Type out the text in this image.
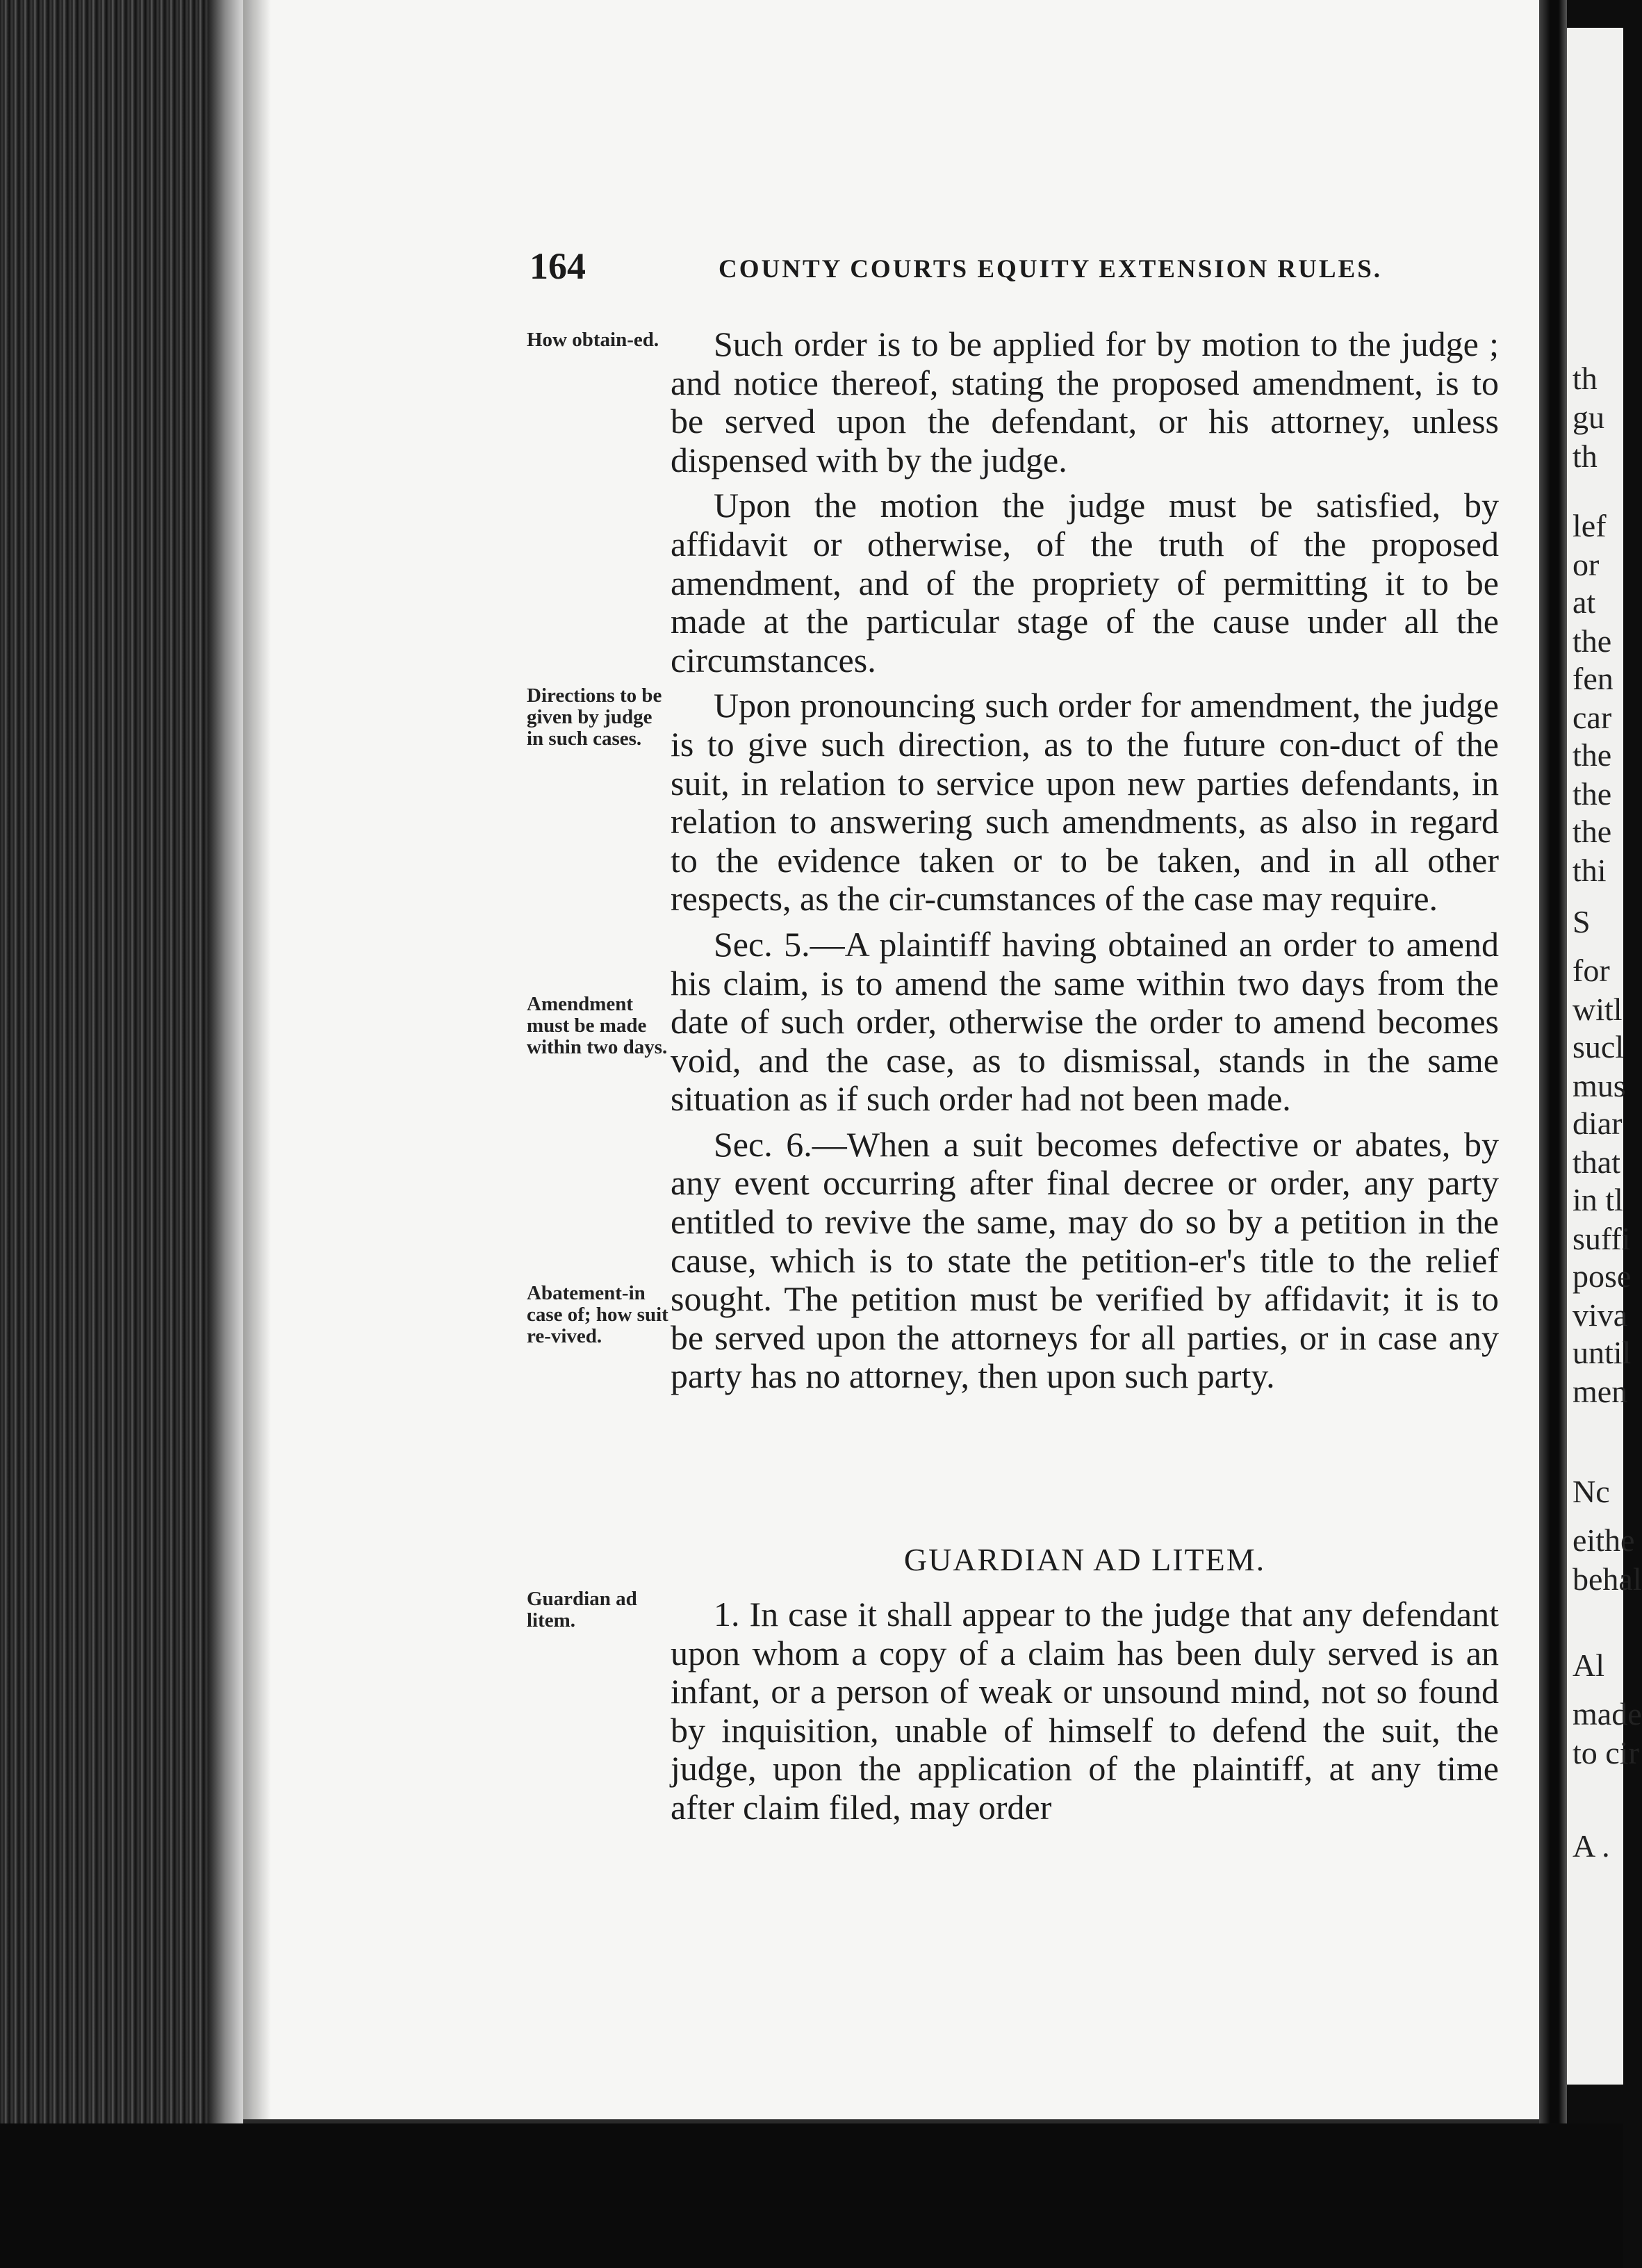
th
gu
th
lef
or
at
the
fen
car
the
the
the
thi
S
for
witl
sucl
mus
diar
that
in tl
suffi
pose
viva
until
men
Nc
eithe
behal
Al
made
to cir
A .
164	COUNTY COURTS EQUITY EXTENSION RULES.
How obtain-ed.
Directions to be given by judge in such cases.
Amendment must be made within two days.
Abatement-in case of; how suit re-vived.
Guardian ad litem.

Such order is to be applied for by motion to the judge ; and notice thereof, stating the proposed amendment, is to be served upon the defendant, or his attorney, unless dispensed with by the judge.

Upon the motion the judge must be satisfied, by affidavit or otherwise, of the truth of the proposed amendment, and of the propriety of permitting it to be made at the particular stage of the cause under all the circumstances.

Upon pronouncing such order for amendment, the judge is to give such direction, as to the future con-duct of the suit, in relation to service upon new parties defendants, in relation to answering such amendments, as also in regard to the evidence taken or to be taken, and in all other respects, as the cir-cumstances of the case may require.

Sec. 5.—A plaintiff having obtained an order to amend his claim, is to amend the same within two days from the date of such order, otherwise the order to amend becomes void, and the case, as to dismissal, stands in the same situation as if such order had not been made.

Sec. 6.—When a suit becomes defective or abates, by any event occurring after final decree or order, any party entitled to revive the same, may do so by a petition in the cause, which is to state the petition-er's title to the relief sought. The petition must be verified by affidavit; it is to be served upon the attorneys for all parties, or in case any party has no attorney, then upon such party.

GUARDIAN AD LITEM.

1. In case it shall appear to the judge that any defendant upon whom a copy of a claim has been duly served is an infant, or a person of weak or unsound mind, not so found by inquisition, unable of himself to defend the suit, the judge, upon the application of the plaintiff, at any time after claim filed, may order
